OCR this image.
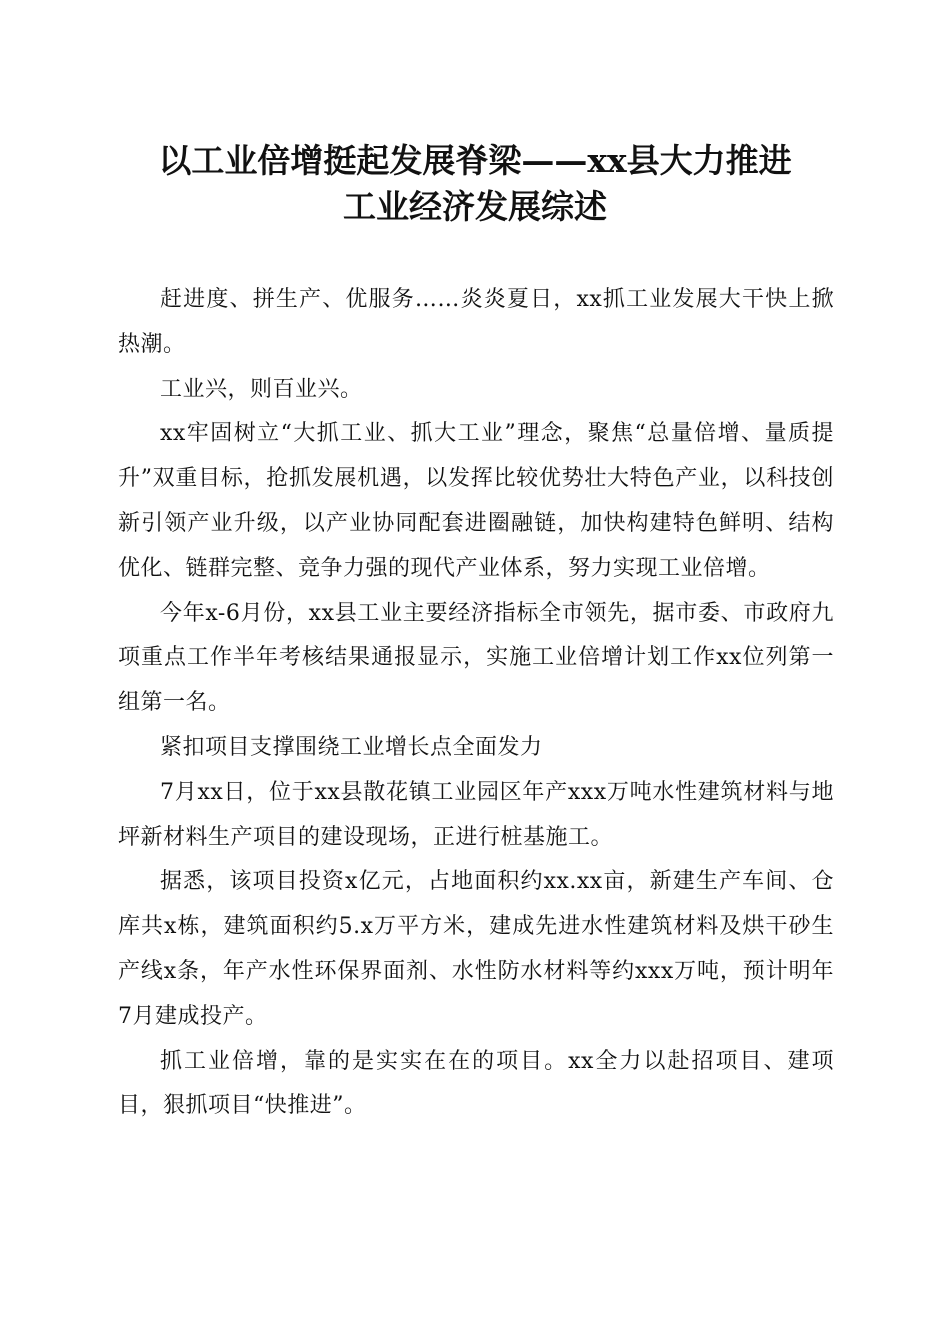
以工业倍增挺起发展脊梁——xx县大力推进
工业经济发展综述

赶进度、拼生产、优服务……炎炎夏日，xx抓工业发展大干快上掀热潮。

工业兴，则百业兴。

xx牢固树立“大抓工业、抓大工业”理念，聚焦“总量倍增、量质提升”双重目标，抢抓发展机遇，以发挥比较优势壮大特色产业，以科技创新引领产业升级，以产业协同配套进圈融链，加快构建特色鲜明、结构优化、链群完整、竞争力强的现代产业体系，努力实现工业倍增。

今年x-6月份，xx县工业主要经济指标全市领先，据市委、市政府九项重点工作半年考核结果通报显示，实施工业倍增计划工作xx位列第一组第一名。

紧扣项目支撑围绕工业增长点全面发力

7月xx日，位于xx县散花镇工业园区年产xxx万吨水性建筑材料与地坪新材料生产项目的建设现场，正进行桩基施工。

据悉，该项目投资x亿元，占地面积约xx.xx亩，新建生产车间、仓库共x栋，建筑面积约5.x万平方米，建成先进水性建筑材料及烘干砂生产线x条，年产水性环保界面剂、水性防水材料等约xxx万吨，预计明年7月建成投产。

抓工业倍增，靠的是实实在在的项目。xx全力以赴招项目、建项目，狠抓项目“快推进”。
